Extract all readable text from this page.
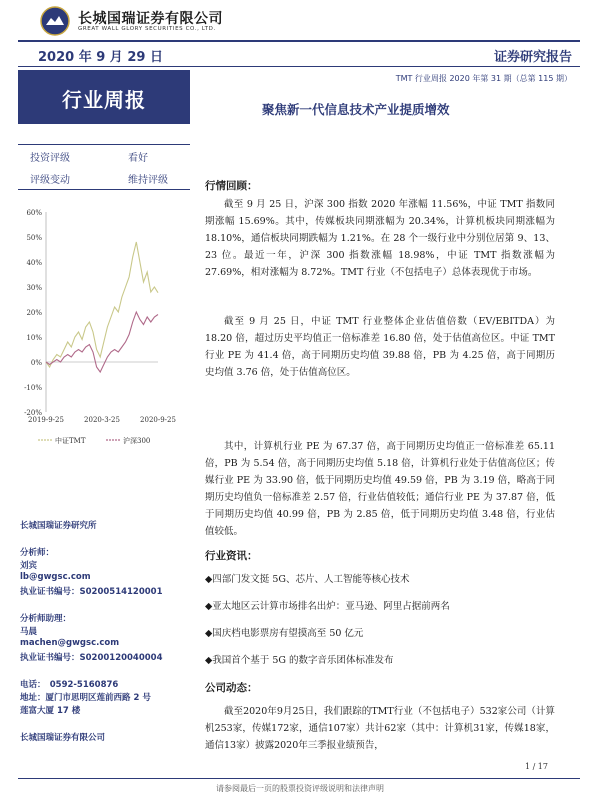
长城国瑞证券有限公司
GREAT WALL GLORY SECURITIES CO., LTD.
2020 年 9 月 29 日	证券研究报告
TMT 行业周报 2020 年第 31 期（总第 115 期）
行业周报	聚焦新一代信息技术产业提质增效
投资评级	看好
评级变动	维持评级
60%
50%
40%
30%
20%
10%
0%
-10%
-20%
2019-9-25	2020-3-25	2020-9-25
中证TMT	沪深300
长城国瑞证券研究所
分析师：
刘宾
lb@gwgsc.com
执业证书编号：S0200514120001
分析师助理：
马晨
machen@gwgsc.com
执业证书编号：S0200120040004
电话：　0592-5160876
地址：厦门市思明区莲前西路 2 号
莲富大厦 17 楼
长城国瑞证券有限公司
行情回顾：

截至 9 月 25 日，沪深 300 指数 2020 年涨幅 11.56%，中证 TMT 指数同期涨幅 15.69%。其中，传媒板块同期涨幅为 20.34%，计算机板块同期涨幅为 18.10%，通信板块同期跌幅为 1.21%。在 28 个一级行业中分别位居第 9、13、23 位。最近一年，沪深 300 指数涨幅 18.98%，中证 TMT 指数涨幅为 27.69%，相对涨幅为 8.72%。TMT 行业（不包括电子）总体表现优于市场。

截至 9 月 25 日，中证 TMT 行业整体企业估值倍数（EV/EBITDA）为 18.20 倍，超过历史平均值正一倍标准差 16.80 倍，处于估值高位区。中证 TMT 行业 PE 为 41.4 倍，高于同期历史均值 39.88 倍，PB 为 4.25 倍，高于同期历史均值 3.76 倍，处于估值高位区。

其中，计算机行业 PE 为 67.37 倍，高于同期历史均值正一倍标准差 65.11 倍，PB 为 5.54 倍，高于同期历史均值 5.18 倍，计算机行业处于估值高位区；传媒行业 PE 为 33.90 倍，低于同期历史均值 49.59 倍，PB 为 3.19 倍，略高于同期历史均值负一倍标准差 2.57 倍，行业估值较低；通信行业 PE 为 37.87 倍，低于同期历史均值 40.99 倍，PB 为 2.85 倍，低于同期历史均值 3.48 倍，行业估值较低。

行业资讯：
◆四部门发文挺 5G、芯片、人工智能等核心技术
◆亚太地区云计算市场排名出炉：亚马逊、阿里占据前两名
◆国庆档电影票房有望摸高至 50 亿元
◆我国首个基于 5G 的数字音乐团体标准发布
公司动态：

截至2020年9月25日，我们跟踪的TMT行业（不包括电子）532家公司（计算机253家，传媒172家，通信107家）共计62家（其中：计算机31家，传媒18家，通信13家）披露2020年三季报业绩预告，

1 / 17
请参阅最后一页的股票投资评级说明和法律声明
